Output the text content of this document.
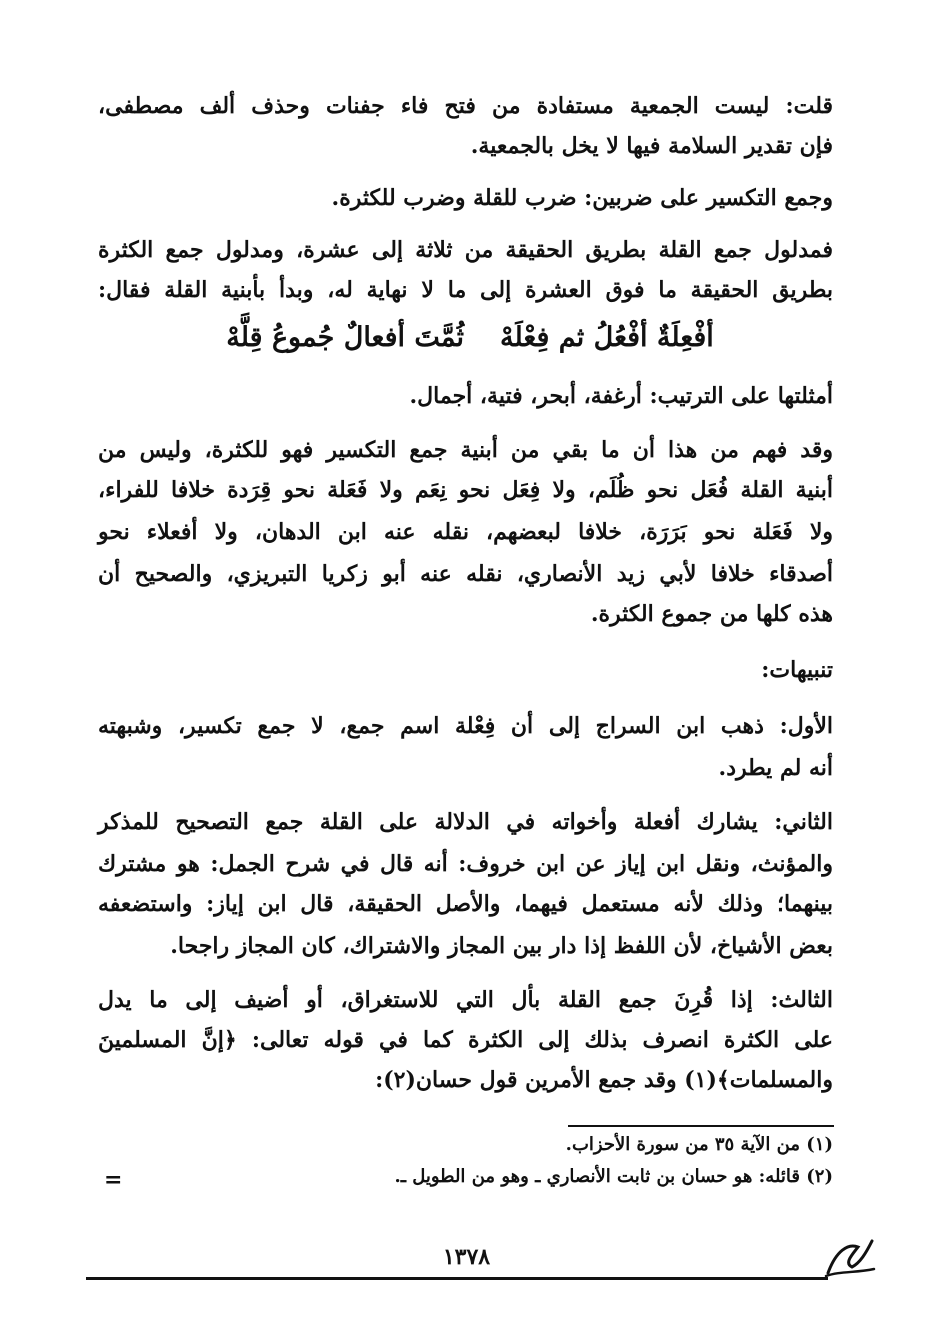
قلت: ليست الجمعية مستفادة من فتح فاء جفنات وحذف ألف مصطفى،
فإن تقدير السلامة فيها لا يخل بالجمعية.
وجمع التكسير على ضربين: ضرب للقلة وضرب للكثرة.
فمدلول جمع القلة بطريق الحقيقة من ثلاثة إلى عشرة، ومدلول جمع الكثرة
بطريق الحقيقة ما فوق العشرة إلى ما لا نهاية له، وبدأ بأبنية القلة فقال:
أفْعِلَةٌ أفْعُلُ ثم فِعْلَهْ
ثُمَّتَ أفعالٌ جُموعُ قِلَّهْ
أمثلتها على الترتيب: أرغفة، أبحر، فتية، أجمال.
وقد فهم من هذا أن ما بقي من أبنية جمع التكسير فهو للكثرة، وليس من
أبنية القلة فُعَل نحو ظُلَم، ولا فِعَل نحو نِعَم ولا فَعَلة نحو قِرَدة خلافا للفراء،
ولا فَعَلة نحو بَرَرَة، خلافا لبعضهم، نقله عنه ابن الدهان، ولا أفعلاء نحو
أصدقاء خلافا لأبي زيد الأنصاري، نقله عنه أبو زكريا التبريزي، والصحيح أن
هذه كلها من جموع الكثرة.
تنبيهات:
الأول: ذهب ابن السراج إلى أن فِعْلة اسم جمع، لا جمع تكسير، وشبهته
أنه لم يطرد.
الثاني: يشارك أفعلة وأخواته في الدلالة على القلة جمع التصحيح للمذكر
والمؤنث، ونقل ابن إياز عن ابن خروف: أنه قال في شرح الجمل: هو مشترك
بينهما؛ وذلك لأنه مستعمل فيهما، والأصل الحقيقة، قال ابن إياز: واستضعفه
بعض الأشياخ، لأن اللفظ إذا دار بين المجاز والاشتراك، كان المجاز راجحا.
الثالث: إذا قُرِنَ جمع القلة بأل التي للاستغراق، أو أضيف إلى ما يدل
على الكثرة انصرف بذلك إلى الكثرة كما في قوله تعالى: ﴿إنَّ المسلمينَ
والمسلمات﴾(١) وقد جمع الأمرين قول حسان(٢):
(١) من الآية ٣٥ من سورة الأحزاب.
(٢) قائله: هو حسان بن ثابت الأنصاري ـ وهو من الطويل ـ.
=
١٣٧٨
